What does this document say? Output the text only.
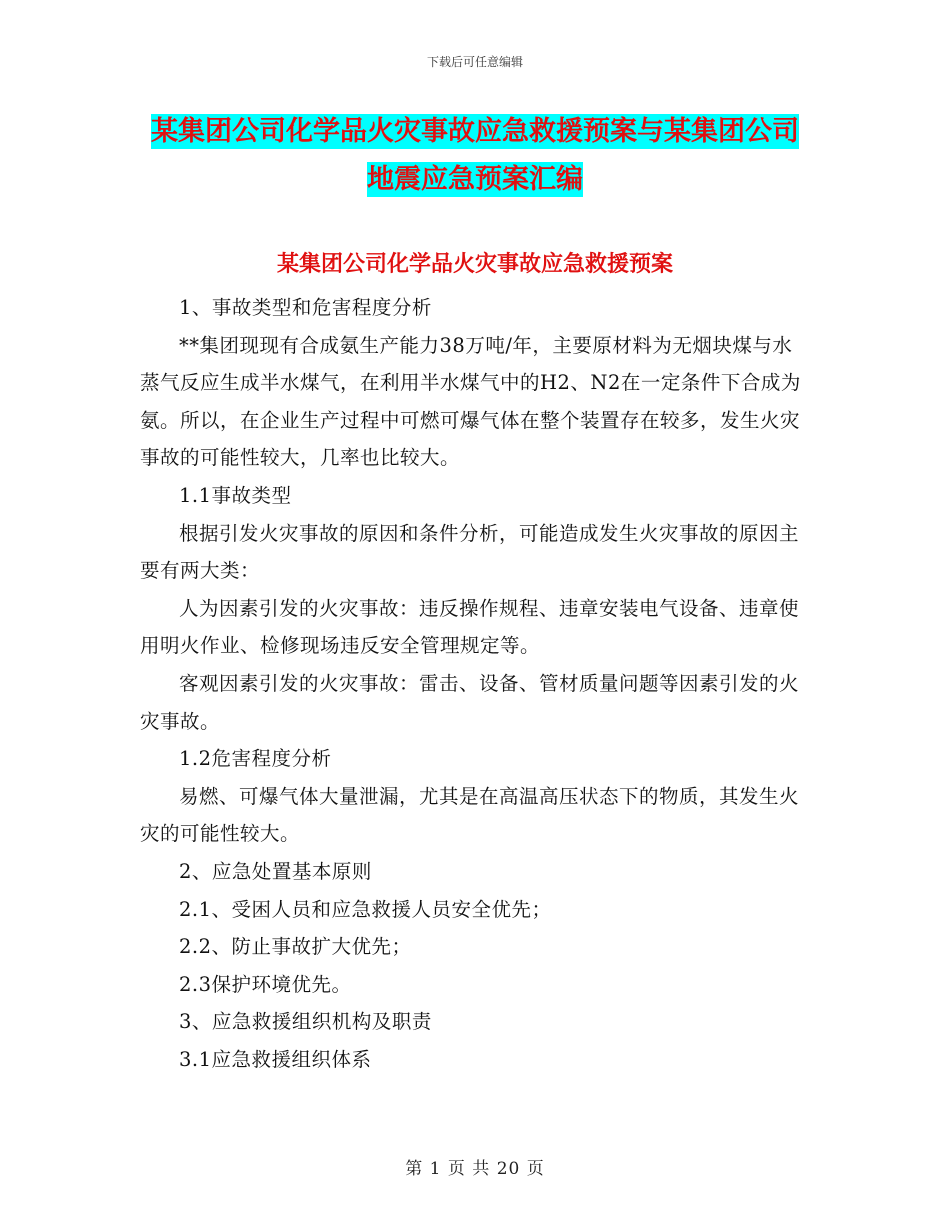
下载后可任意编辑
某集团公司化学品火灾事故应急救援预案与某集团公司地震应急预案汇编
某集团公司化学品火灾事故应急救援预案

1、事故类型和危害程度分析

**集团现现有合成氨生产能力38万吨/年，主要原材料为无烟块煤与水蒸气反应生成半水煤气，在利用半水煤气中的H2、N2在一定条件下合成为氨。所以，在企业生产过程中可燃可爆气体在整个装置存在较多，发生火灾事故的可能性较大，几率也比较大。

1.1事故类型

根据引发火灾事故的原因和条件分析，可能造成发生火灾事故的原因主要有两大类：

人为因素引发的火灾事故：违反操作规程、违章安装电气设备、违章使用明火作业、检修现场违反安全管理规定等。

客观因素引发的火灾事故：雷击、设备、管材质量问题等因素引发的火灾事故。

1.2危害程度分析

易燃、可爆气体大量泄漏，尤其是在高温高压状态下的物质，其发生火灾的可能性较大。

2、应急处置基本原则

2.1、受困人员和应急救援人员安全优先；

2.2、防止事故扩大优先；

2.3保护环境优先。

3、应急救援组织机构及职责

3.1应急救援组织体系

第 1 页 共 20 页
